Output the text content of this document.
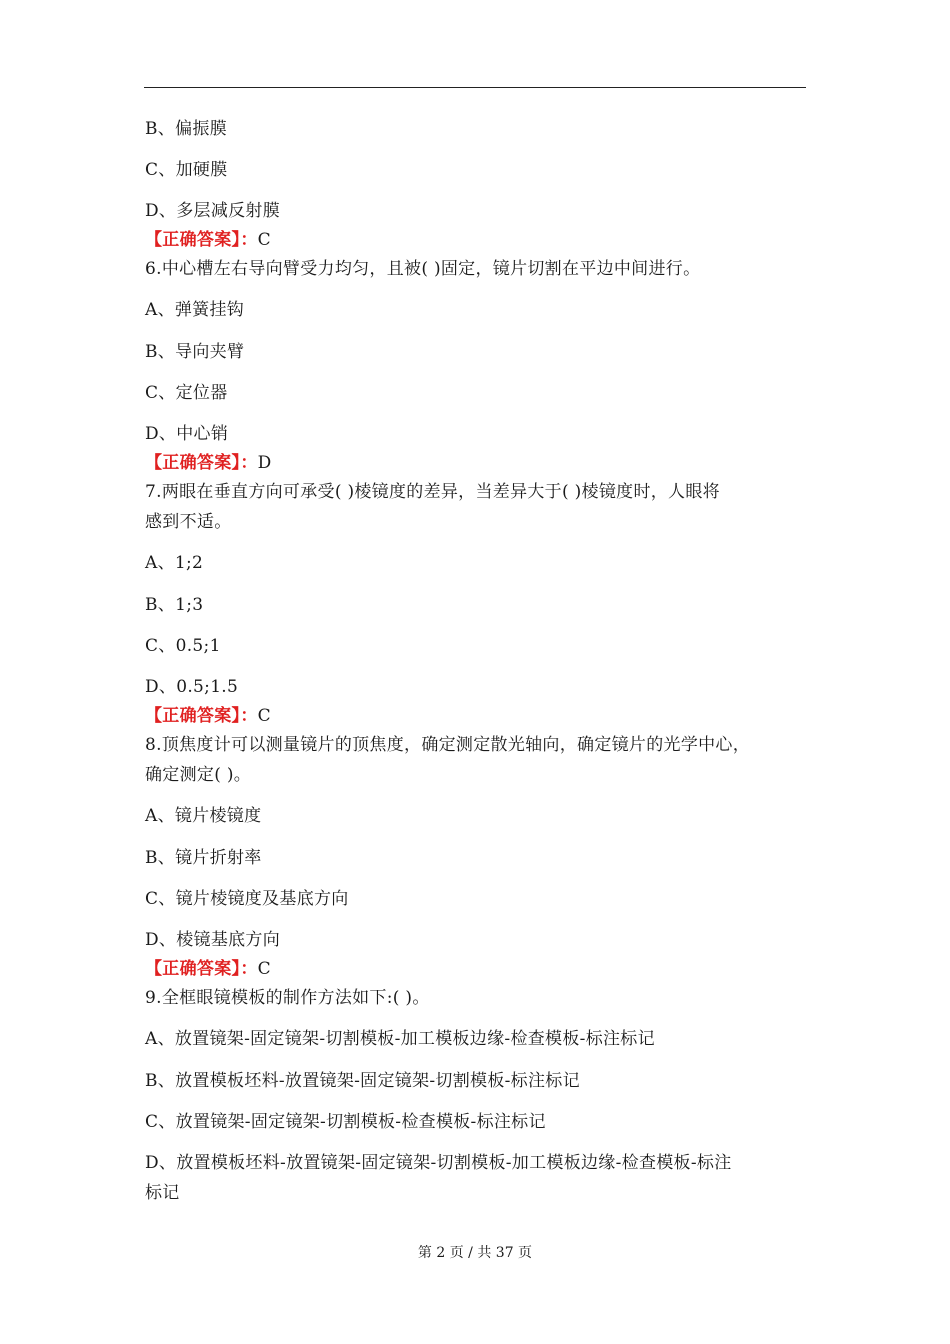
B、偏振膜
C、加硬膜
D、多层减反射膜
【正确答案】：C
6.中心槽左右导向臂受力均匀，且被( )固定，镜片切割在平边中间进行。
A、弹簧挂钩
B、导向夹臂
C、定位器
D、中心销
【正确答案】：D
7.两眼在垂直方向可承受( )棱镜度的差异，当差异大于( )棱镜度时，人眼将
感到不适。
A、1;2
B、1;3
C、0.5;1
D、0.5;1.5
【正确答案】：C
8.顶焦度计可以测量镜片的顶焦度，确定测定散光轴向，确定镜片的光学中心，
确定测定( )。
A、镜片棱镜度
B、镜片折射率
C、镜片棱镜度及基底方向
D、棱镜基底方向
【正确答案】：C
9.全框眼镜模板的制作方法如下:( )。
A、放置镜架-固定镜架-切割模板-加工模板边缘-检查模板-标注标记
B、放置模板坯料-放置镜架-固定镜架-切割模板-标注标记
C、放置镜架-固定镜架-切割模板-检查模板-标注标记
D、放置模板坯料-放置镜架-固定镜架-切割模板-加工模板边缘-检查模板-标注
标记
第 2 页 / 共 37 页
